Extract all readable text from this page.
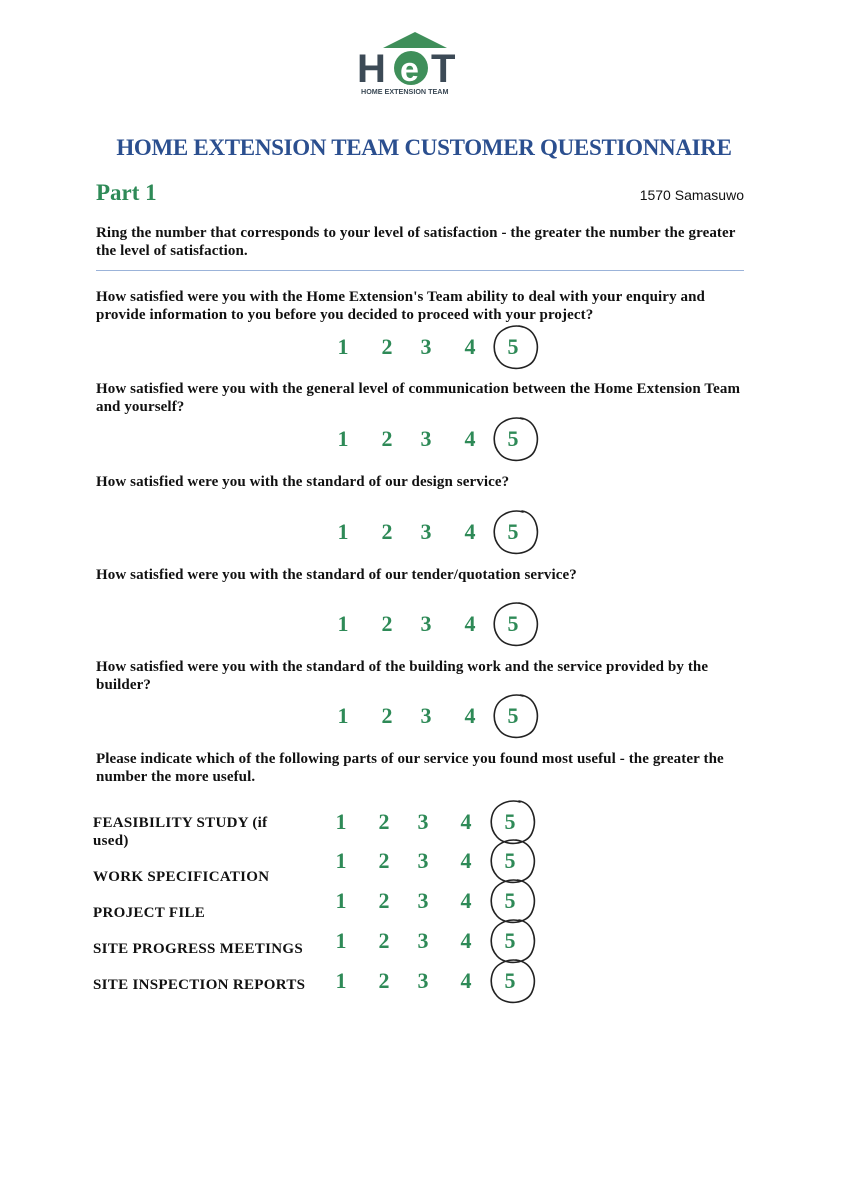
H e T
HOME EXTENSION TEAM
HOME EXTENSION TEAM CUSTOMER QUESTIONNAIRE
Part 1	1570 Samasuwo
Ring the number that corresponds to your level of satisfaction - the greater the number the greater the level of satisfaction.
How satisfied were you with the Home Extension's Team ability to deal with your enquiry and provide information to you before you decided to proceed with your project?
How satisfied were you with the general level of communication between the Home Extension Team and yourself?
How satisfied were you with the standard of our design service?
How satisfied were you with the standard of our tender/quotation service?
How satisfied were you with the standard of the building work and the service provided by the builder?
Please indicate which of the following parts of our service you found most useful - the greater the number the more useful.
FEASIBILITY STUDY (if used)
WORK SPECIFICATION
PROJECT FILE
SITE PROGRESS MEETINGS
SITE INSPECTION REPORTS
1 2 3 4 5
1 2 3 4 5
1 2 3 4 5
1 2 3 4 5
1 2 3 4 5
1 2 3 4 5
1 2 3 4 5
1 2 3 4 5
1 2 3 4 5
1 2 3 4 5
